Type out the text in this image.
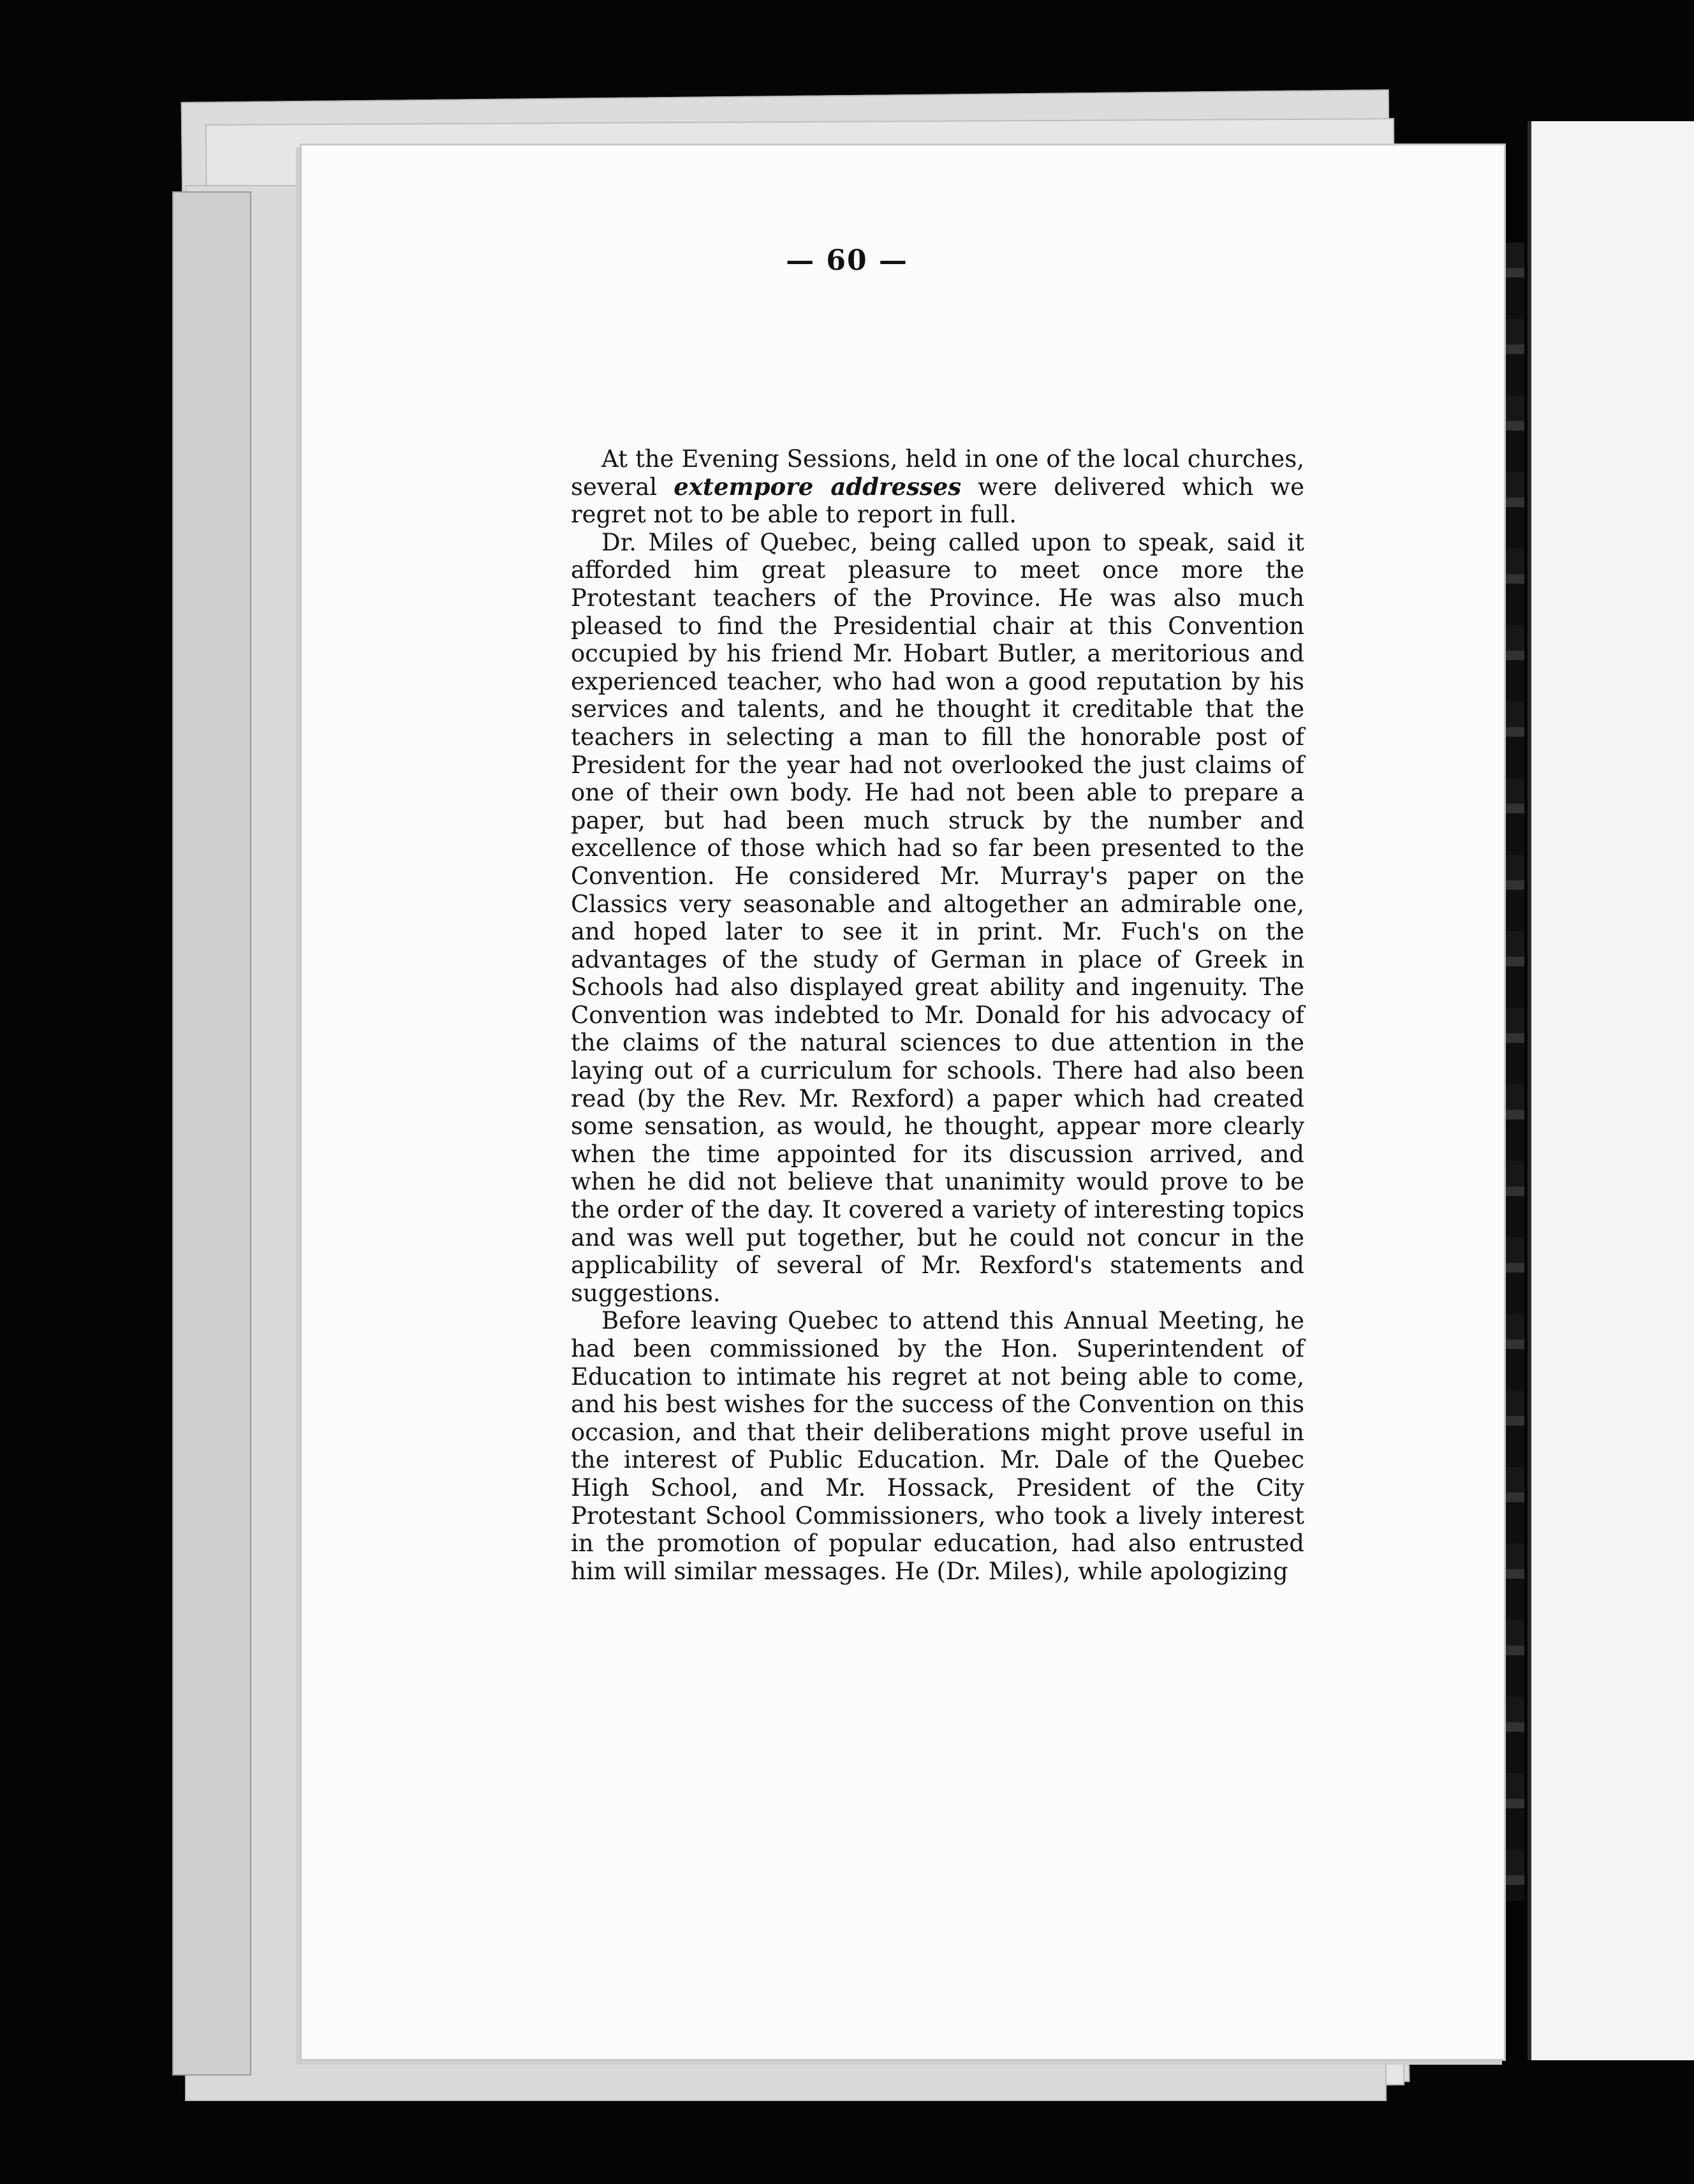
— 60 —

At the Evening Sessions, held in one of the local churches, several extempore addresses were delivered which we regret not to be able to report in full.

Dr. Miles of Quebec, being called upon to speak, said it afforded him great pleasure to meet once more the Protestant teachers of the Province. He was also much pleased to find the Presidential chair at this Convention occupied by his friend Mr. Hobart Butler, a meritorious and experienced teacher, who had won a good reputation by his services and talents, and he thought it creditable that the teachers in selecting a man to fill the honorable post of President for the year had not overlooked the just claims of one of their own body. He had not been able to prepare a paper, but had been much struck by the number and excellence of those which had so far been presented to the Convention. He considered Mr. Murray's paper on the Classics very seasonable and altogether an admirable one, and hoped later to see it in print. Mr. Fuch's on the advantages of the study of German in place of Greek in Schools had also displayed great ability and ingenuity. The Convention was indebted to Mr. Donald for his advocacy of the claims of the natural sciences to due attention in the laying out of a curriculum for schools. There had also been read (by the Rev. Mr. Rexford) a paper which had created some sensation, as would, he thought, appear more clearly when the time appointed for its discussion arrived, and when he did not believe that unanimity would prove to be the order of the day. It covered a variety of interesting topics and was well put together, but he could not concur in the applicability of several of Mr. Rexford's statements and suggestions.

Before leaving Quebec to attend this Annual Meeting, he had been commissioned by the Hon. Superintendent of Education to intimate his regret at not being able to come, and his best wishes for the success of the Convention on this occasion, and that their deliberations might prove useful in the interest of Public Education. Mr. Dale of the Quebec High School, and Mr. Hossack, President of the City Protestant School Commissioners, who took a lively interest in the promotion of popular education, had also entrusted him will similar messages. He (Dr. Miles), while apologizing
